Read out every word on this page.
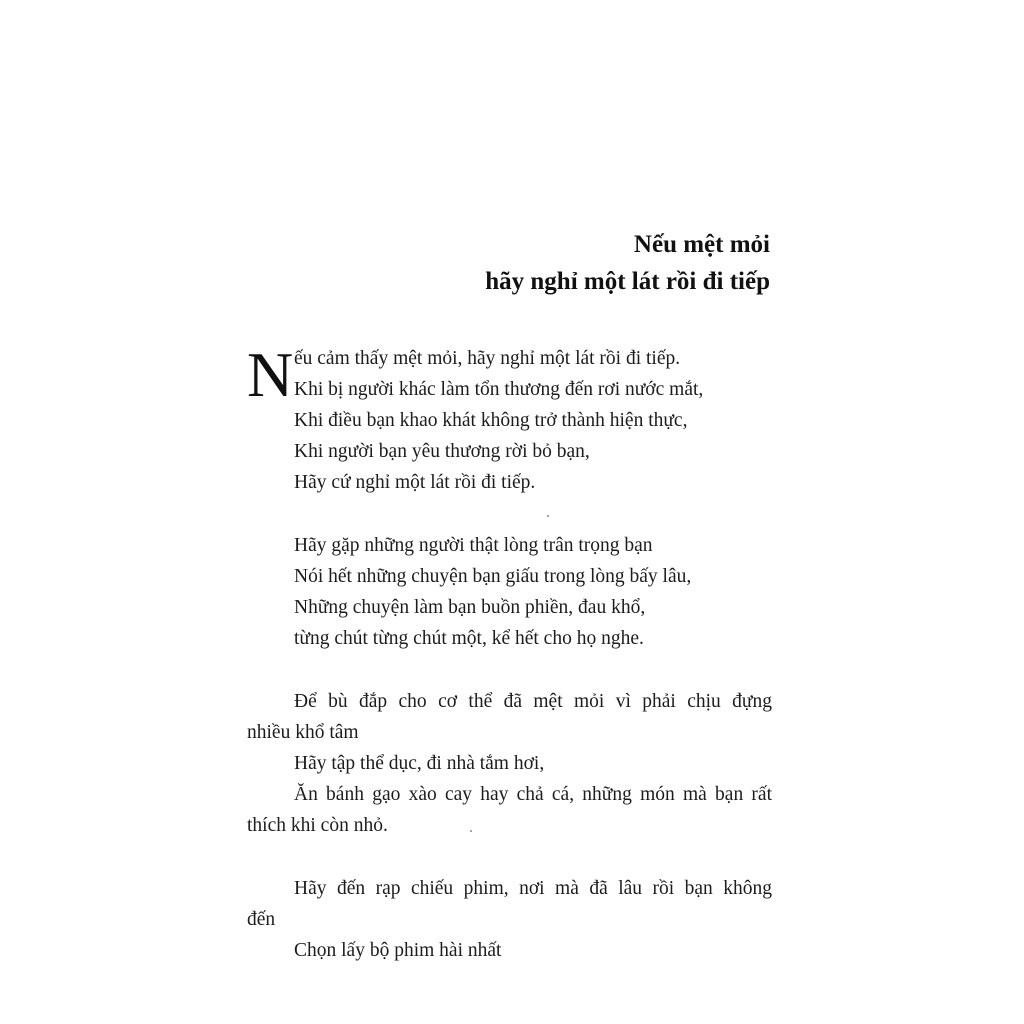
Nếu mệt mỏi
hãy nghỉ một lát rồi đi tiếp
N ếu cảm thấy mệt mỏi, hãy nghỉ một lát rồi đi tiếp.
Khi bị người khác làm tổn thương đến rơi nước mắt,
Khi điều bạn khao khát không trở thành hiện thực,
Khi người bạn yêu thương rời bỏ bạn,
Hãy cứ nghỉ một lát rồi đi tiếp.
Hãy gặp những người thật lòng trân trọng bạn
Nói hết những chuyện bạn giấu trong lòng bấy lâu,
Những chuyện làm bạn buồn phiền, đau khổ,
từng chút từng chút một, kể hết cho họ nghe.
Để bù đắp cho cơ thể đã mệt mỏi vì phải chịu đựng
nhiều khổ tâm
Hãy tập thể dục, đi nhà tắm hơi,
Ăn bánh gạo xào cay hay chả cá, những món mà bạn rất
thích khi còn nhỏ.
Hãy đến rạp chiếu phim, nơi mà đã lâu rồi bạn không
đến
Chọn lấy bộ phim hài nhất
